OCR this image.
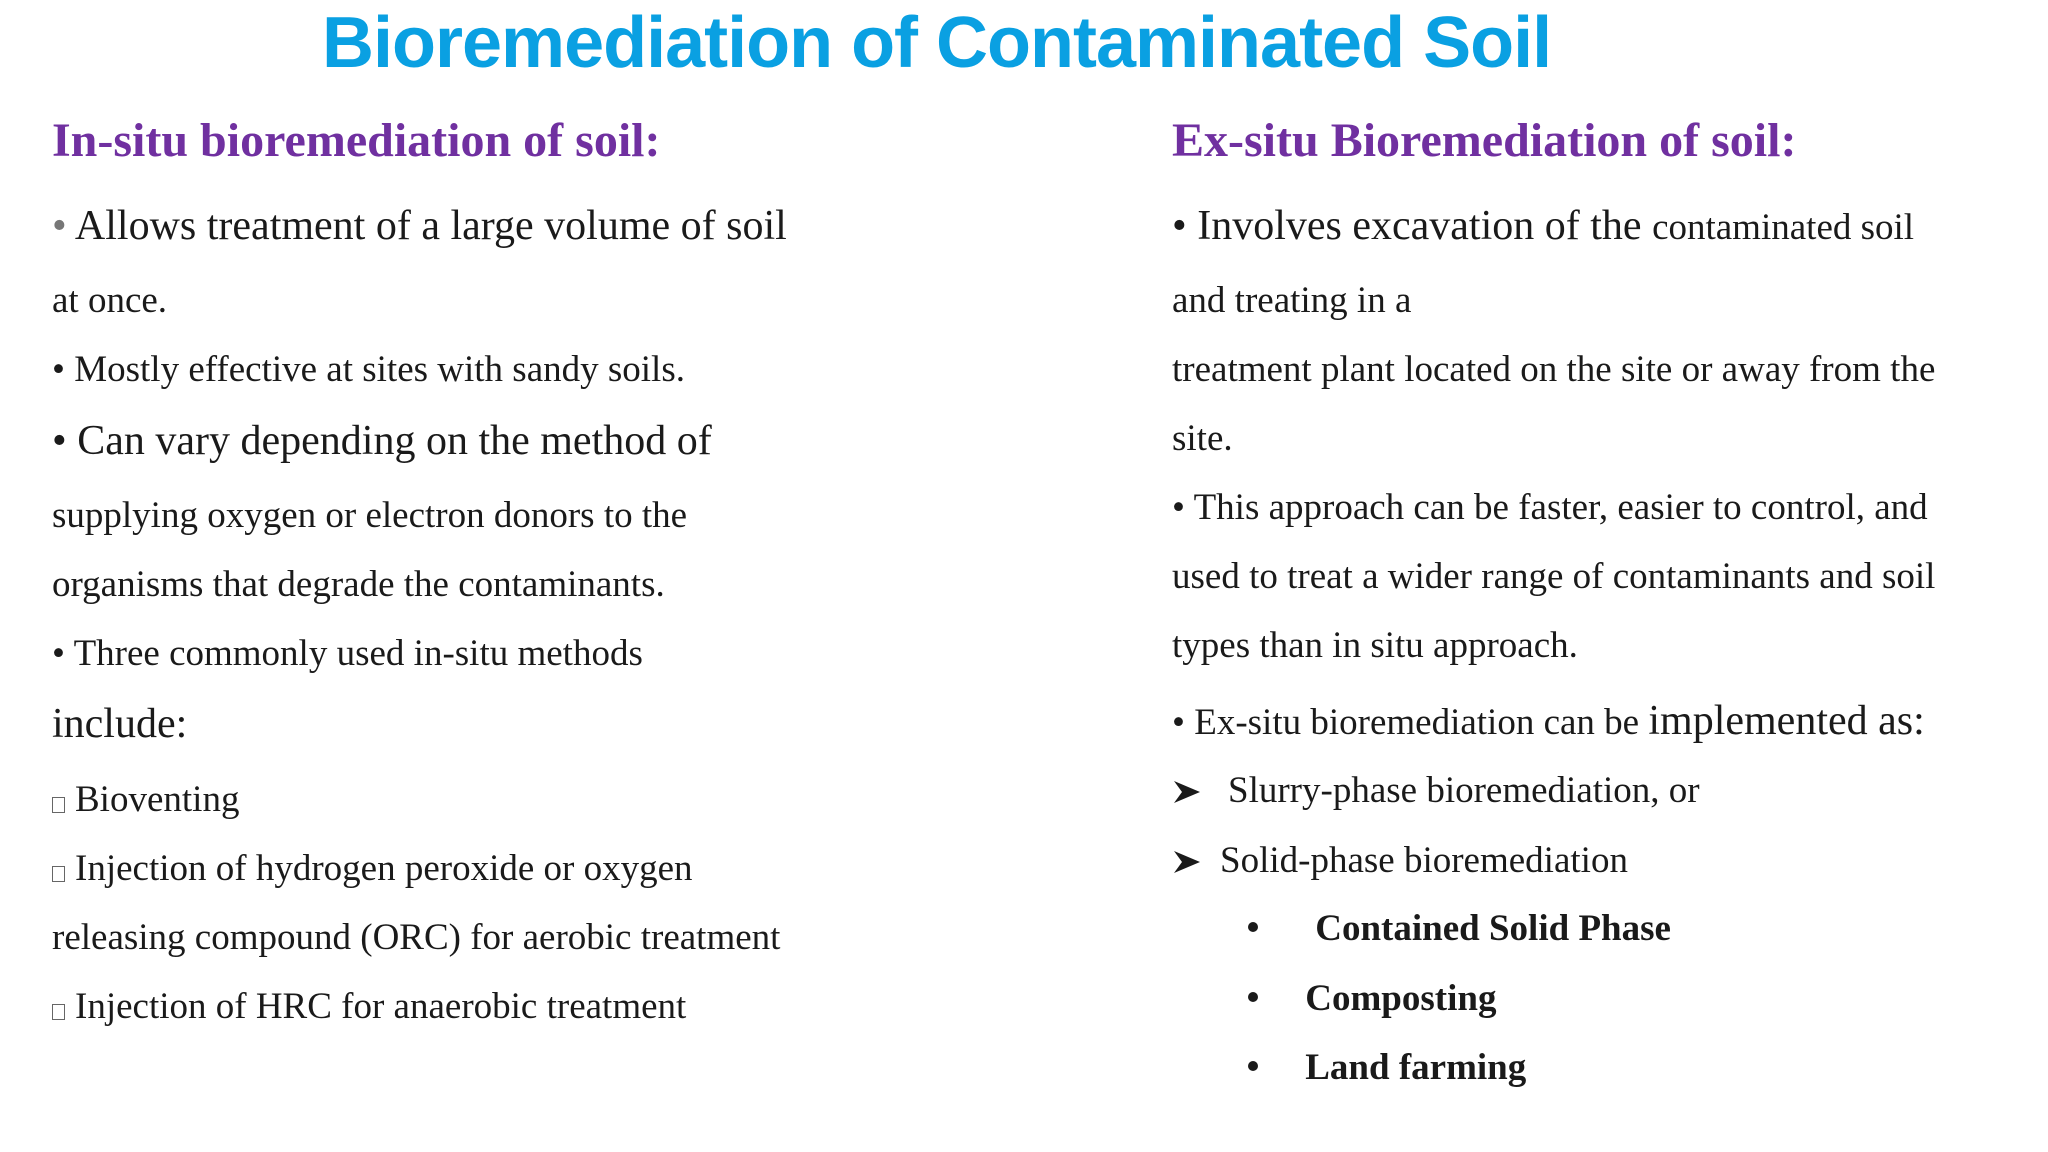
Bioremediation of Contaminated Soil
In-situ bioremediation of soil:
• Allows treatment of a large volume of soil
at once.
• Mostly effective at sites with sandy soils.
• Can vary depending on the method of
supplying oxygen or electron donors to the
organisms that degrade the contaminants.
• Three commonly used in-situ methods
include:
Bioventing
Injection of hydrogen peroxide or oxygen
releasing compound (ORC) for aerobic treatment
Injection of HRC for anaerobic treatment
Ex-situ Bioremediation of soil:
• Involves excavation of the contaminated soil
and treating in a
treatment plant located on the site or away from the
site.
• This approach can be faster, easier to control, and
used to treat a wider range of contaminants and soil
types than in situ approach.
• Ex-situ bioremediation can be implemented as:
Slurry-phase bioremediation, or
Solid-phase bioremediation
Contained Solid Phase
Composting
Land farming
